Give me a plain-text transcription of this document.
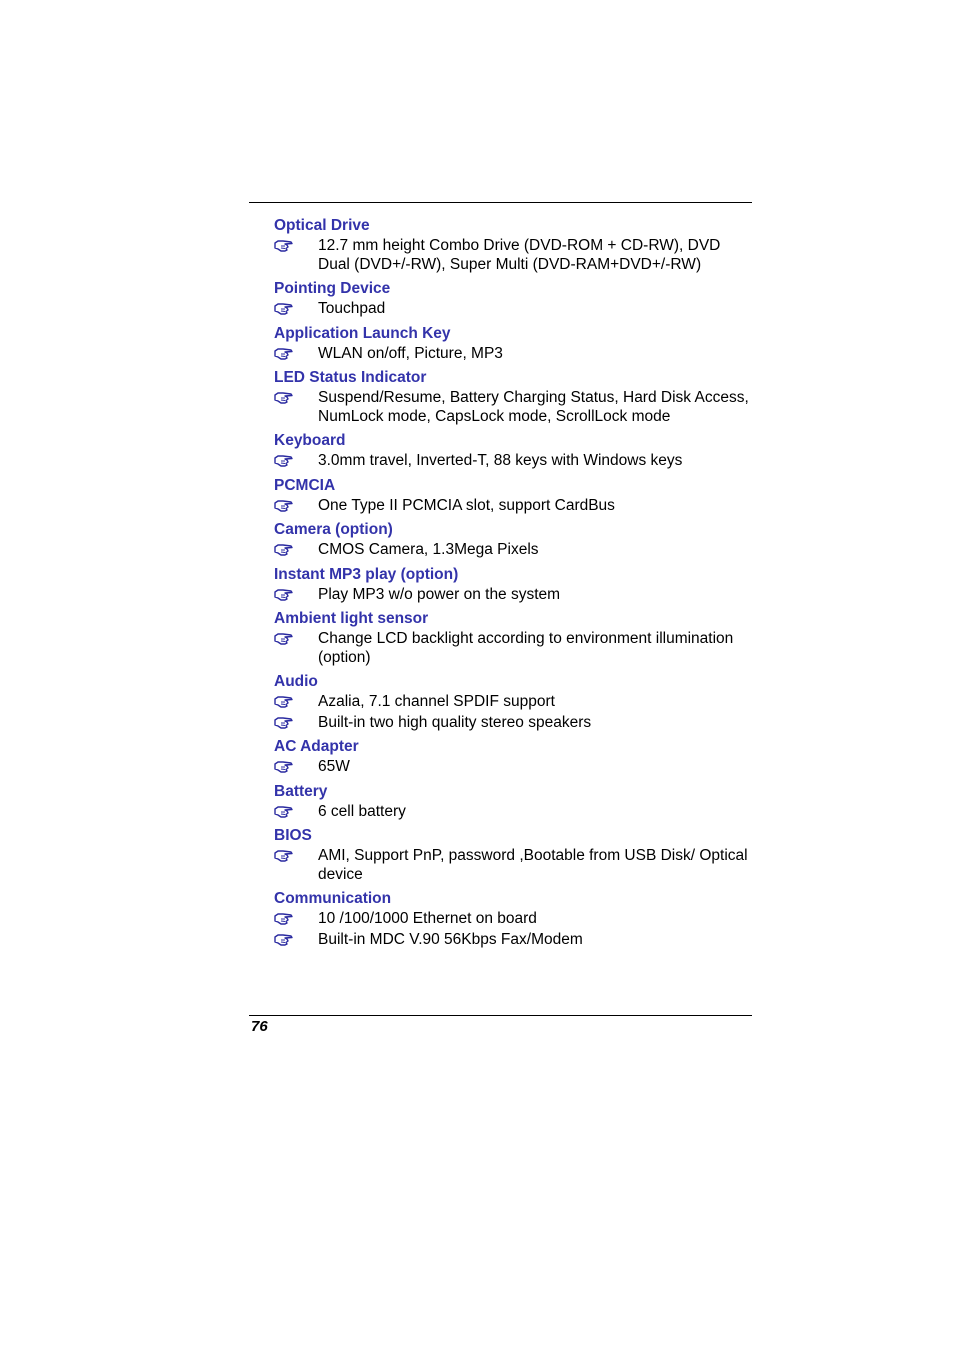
Optical Drive
12.7 mm height Combo Drive (DVD-ROM + CD-RW), DVD Dual (DVD+/-RW), Super Multi (DVD-RAM+DVD+/-RW)
Pointing Device
Touchpad
Application Launch Key
WLAN on/off, Picture, MP3
LED Status Indicator
Suspend/Resume, Battery Charging Status, Hard Disk Access, NumLock mode, CapsLock mode, ScrollLock mode
Keyboard
3.0mm travel, Inverted-T, 88 keys with Windows keys
PCMCIA
One Type II PCMCIA slot, support CardBus
Camera (option)
CMOS Camera, 1.3Mega Pixels
Instant MP3 play (option)
Play MP3 w/o power on the system
Ambient light sensor
Change LCD backlight according to environment illumination (option)
Audio
Azalia, 7.1 channel SPDIF support
Built-in two high quality stereo speakers
AC Adapter
65W
Battery
6 cell battery
BIOS
AMI, Support PnP, password ,Bootable from USB Disk/ Optical device
Communication
10 /100/1000 Ethernet on board
Built-in MDC V.90 56Kbps Fax/Modem
76
